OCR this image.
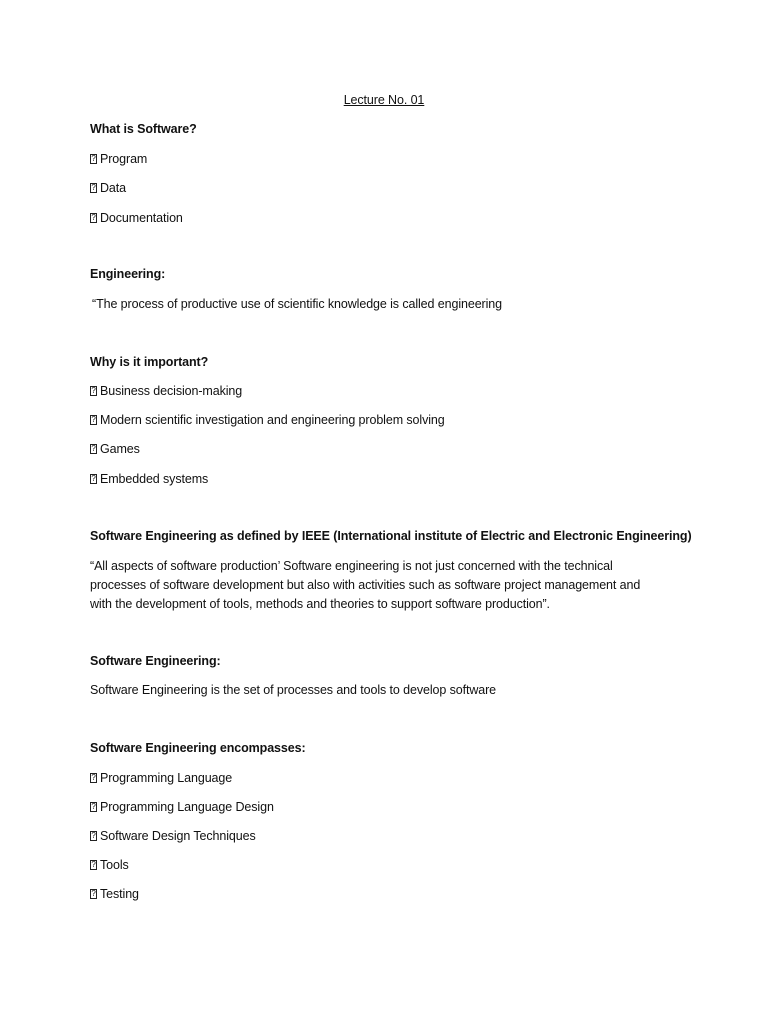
Lecture No. 01

What is Software?

? Program
? Data
? Documentation

Engineering:

“The process of productive use of scientific knowledge is called engineering

Why is it important?

? Business decision-making
? Modern scientific investigation and engineering problem solving
? Games
? Embedded systems

Software Engineering as defined by IEEE (International institute of Electric and Electronic Engineering)

“All aspects of software production’ Software engineering is not just concerned with the technical
processes of software development but also with activities such as software project management and
with the development of tools, methods and theories to support software production”.

Software Engineering:

Software Engineering is the set of processes and tools to develop software

Software Engineering encompasses:

? Programming Language
? Programming Language Design
? Software Design Techniques
? Tools
? Testing
